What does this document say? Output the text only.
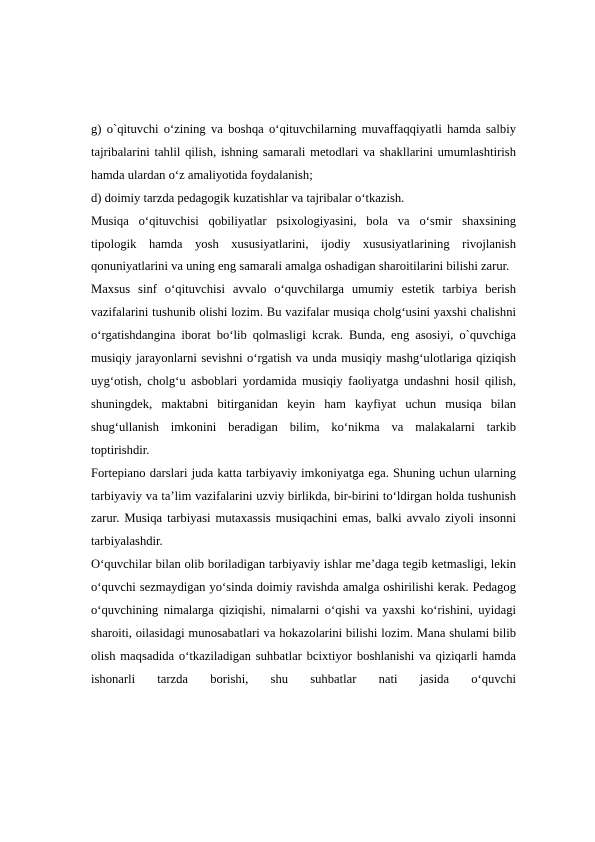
g) o`qituvchi o‘zining va boshqa o‘qituvchilarning muvaffaqqiyatli hamda salbiy tajribalarini tahlil qilish, ishning samarali metodlari va shakllarini umumlashtirish hamda ulardan o‘z amaliyotida foydalanish;

d) doimiy tarzda pedagogik kuzatishlar va tajribalar o‘tkazish.

Musiqa o‘qituvchisi qobiliyatlar psixologiyasini, bola va o‘smir shaxsining tipologik hamda yosh xususiyatlarini, ijodiy xususiyatlarining rivojlanish qonuniyatlarini va uning eng samarali amalga oshadigan sharoitilarini bilishi zarur.

Maxsus sinf o‘qituvchisi avvalo o‘quvchilarga umumiy estetik tarbiya berish vazifalarini tushunib olishi lozim. Bu vazifalar musiqa cholg‘usini yaxshi chalishni o‘rgatishdangina iborat bo‘lib qolmasligi kcrak. Bunda, eng asosiyi, o`quvchiga musiqiy jarayonlarni sevishni o‘rgatish va unda musiqiy mashg‘ulotlariga qiziqish uyg‘otish, cholg‘u asboblari yordamida musiqiy faoliyatga undashni hosil qilish, shuningdek, maktabni bitirganidan keyin ham kayfiyat uchun musiqa bilan shug‘ullanish imkonini beradigan bilim, ko‘nikma va malakalarni tarkib toptirishdir.

Fortepiano darslari juda katta tarbiyaviy imkoniyatga ega. Shuning uchun ularning tarbiyaviy va ta’lim vazifalarini uzviy birlikda, bir-birini to‘ldirgan holda tushunish zarur. Musiqa tarbiyasi mutaxassis musiqachini emas, balki avvalo ziyoli insonni tarbiyalashdir.

O‘quvchilar bilan olib boriladigan tarbiyaviy ishlar me’daga tegib ketmasligi, lekin o‘quvchi sezmaydigan yo‘sinda doimiy ravishda amalga oshirilishi kerak. Pedagog o‘quvchining nimalarga qiziqishi, nimalarni o‘qishi va yaxshi ko‘rishini, uyidagi sharoiti, oilasidagi munosabatlari va hokazolarini bilishi lozim. Mana shulami bilib olish maqsadida o‘tkaziladigan suhbatlar bcixtiyor boshlanishi va qiziqarli hamda ishonarli tarzda borishi, shu suhbatlar nati jasida o‘quvchi
